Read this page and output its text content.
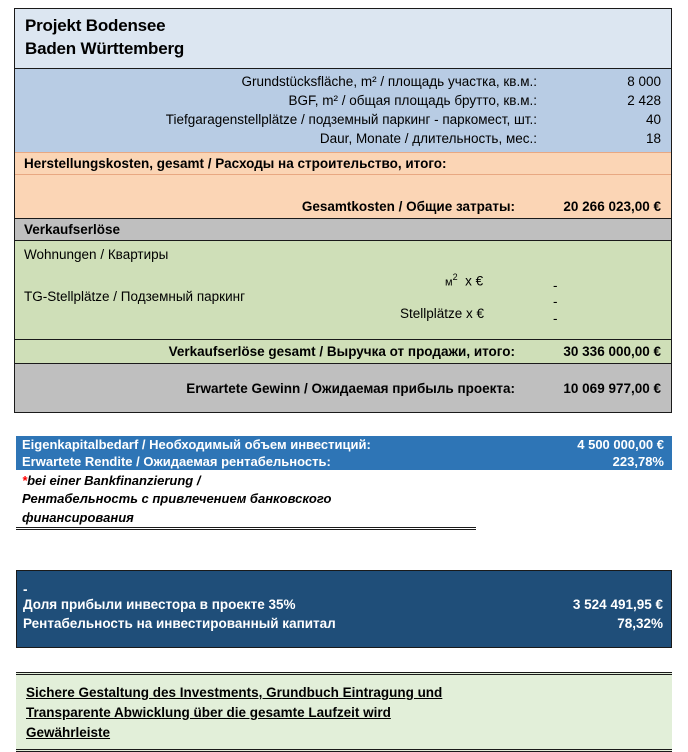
Projekt Bodensee
Baden Württemberg
Grundstücksfläche, m² / площадь участка, кв.м.:	8 000
BGF, m² / общая площадь брутто, кв.м.:	2 428
Tiefgaragenstellplätze / подземный паркинг - паркомест, шт.:	40
Daur, Monate / длительность, мес.:	18
Herstellungskosten, gesamt / Расходы на строительство, итого:
Gesamtkosten / Общие затраты:	20 266 023,00 €
Verkaufserlöse
Wohnungen / Квартиры
$м^2$ x €	-
TG-Stellplätze / Подземный паркинг	-
Stellplätze x €	-
Verkaufserlöse gesamt / Выручка от продажи, итого:	30 336 000,00 €
Erwartete Gewinn / Ожидаемая прибыль проекта:	10 069 977,00 €
Eigenkapitalbedarf / Необходимый объем инвестиций:	4 500 000,00 €
Erwartete Rendite / Ожидаемая рентабельность:	223,78%
*bei einer Bankfinanzierung /
Рентабельность с привлечением банковского
финансирования
-
Доля прибыли инвестора в проекте 35%	3 524 491,95 €
Рентабельность на инвестированный капитал	78,32%
Sichere Gestaltung des Investments, Grundbuch Eintragung und
Transparente Abwicklung über die gesamte Laufzeit wird
Gewährleiste
